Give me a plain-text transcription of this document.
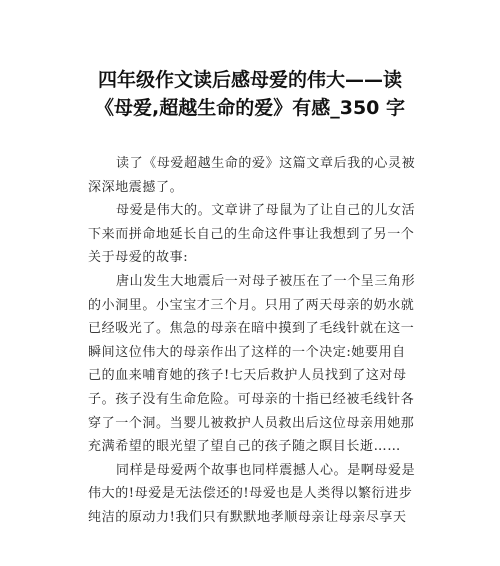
四年级作文读后感母爱的伟大——读
《母爱,超越生命的爱》有感_350 字
读了《母爱超越生命的爱》这篇文章后我的心灵被
深深地震撼了。
母爱是伟大的。文章讲了母鼠为了让自己的儿女活
下来而拼命地延长自己的生命这件事让我想到了另一个
关于母爱的故事:
唐山发生大地震后一对母子被压在了一个呈三角形
的小洞里。小宝宝才三个月。只用了两天母亲的奶水就
已经吸光了。焦急的母亲在暗中摸到了毛线针就在这一
瞬间这位伟大的母亲作出了这样的一个决定:她要用自
己的血来哺育她的孩子!七天后救护人员找到了这对母
子。孩子没有生命危险。可母亲的十指已经被毛线针各
穿了一个洞。当婴儿被救护人员救出后这位母亲用她那
充满希望的眼光望了望自己的孩子随之瞑目长逝……
同样是母爱两个故事也同样震撼人心。是啊母爱是
伟大的!母爱是无法偿还的!母爱也是人类得以繁衍进步
纯洁的原动力!我们只有默默地孝顺母亲让母亲尽享天
